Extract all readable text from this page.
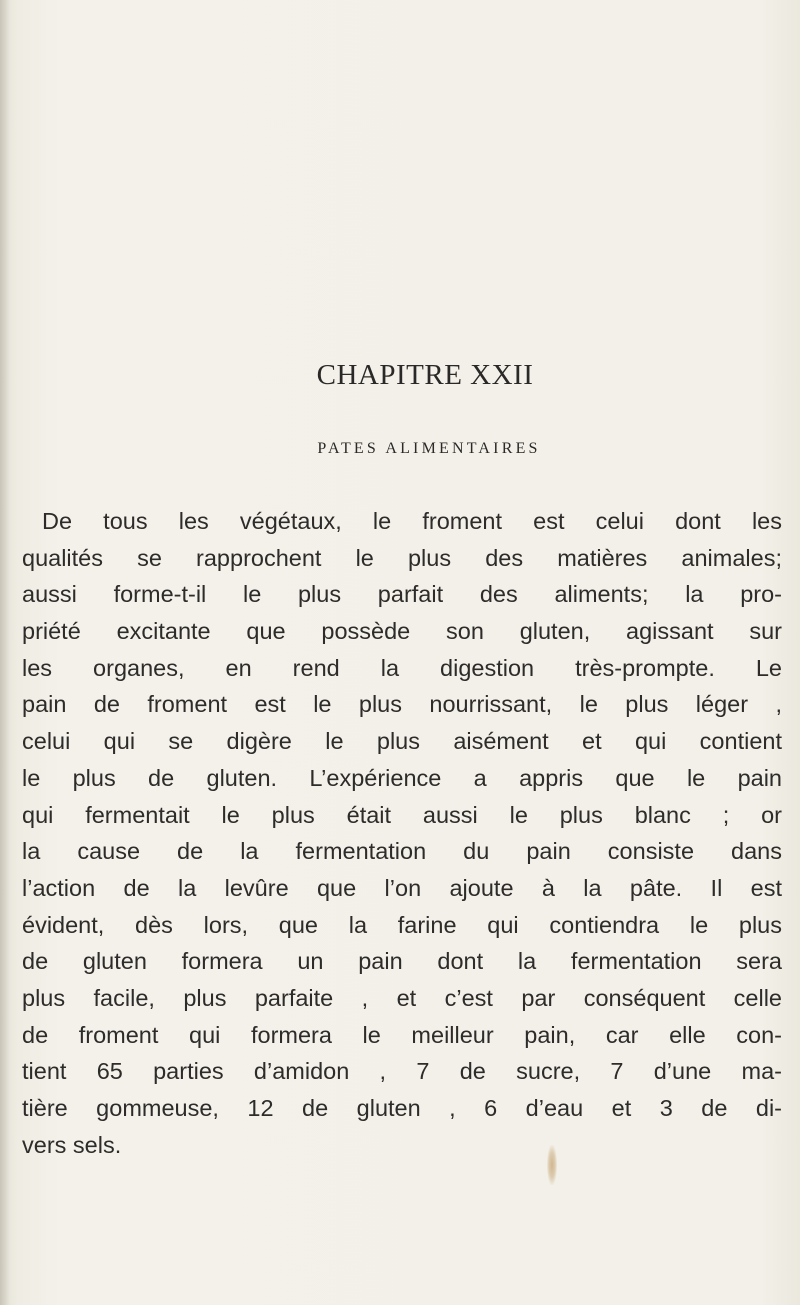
CHAPITRE XXII
PATES ALIMENTAIRES
De tous les végétaux, le froment est celui dont les
qualités se rapprochent le plus des matières animales;
aussi forme-t-il le plus parfait des aliments; la pro-
priété excitante que possède son gluten, agissant sur
les organes, en rend la digestion très-prompte. Le
pain de froment est le plus nourrissant, le plus léger ,
celui qui se digère le plus aisément et qui contient
le plus de gluten. L’expérience a appris que le pain
qui fermentait le plus était aussi le plus blanc ; or
la cause de la fermentation du pain consiste dans
l’action de la levûre que l’on ajoute à la pâte. Il est
évident, dès lors, que la farine qui contiendra le plus
de gluten formera un pain dont la fermentation sera
plus facile, plus parfaite , et c’est par conséquent celle
de froment qui formera le meilleur pain, car elle con-
tient 65 parties d’amidon , 7 de sucre, 7 d’une ma-
tière gommeuse, 12 de gluten , 6 d’eau et 3 de di-
vers sels.
